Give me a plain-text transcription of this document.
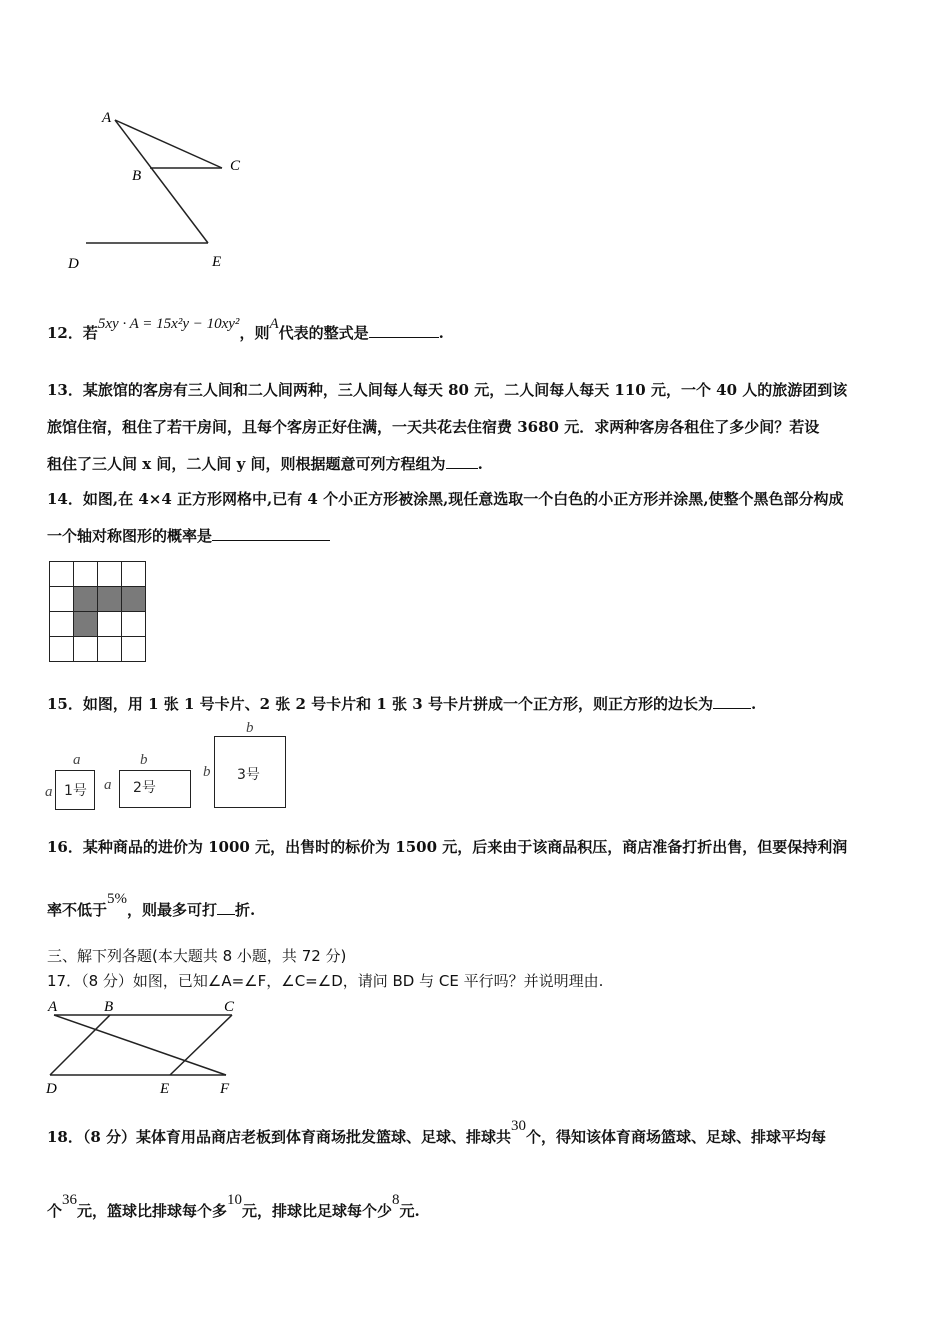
A
B
C
D	E
12．若5xy · A = 15x²y − 10xy²，则A代表的整式是	.
13．某旅馆的客房有三人间和二人间两种，三人间每人每天 80 元，二人间每人每天 110 元，一个 40 人的旅游团到该
旅馆住宿，租住了若干房间，且每个客房正好住满，一天共花去住宿费 3680 元．求两种客房各租住了多少间？若设
租住了三人间 x 间，二人间 y 间，则根据题意可列方程组为 .
14．如图,在 4×4 正方形网格中,已有 4 个小正方形被涂黑,现任意选取一个白色的小正方形并涂黑,使整个黑色部分构成
一个轴对称图形的概率是

15．如图，用 1 张 1 号卡片、2 张 2 号卡片和 1 张 3 号卡片拼成一个正方形，则正方形的边长为	.
a
a 1号
b
a 2号
b
b 3号
16．某种商品的进价为 1000 元，出售时的标价为 1500 元，后来由于该商品积压，商店准备打折出售，但要保持利润
率不低于5%，则最多可打 折.
三、解下列各题(本大题共 8 小题，共 72 分)
17．（8 分）如图，已知∠A=∠F，∠C=∠D，请问 BD 与 CE 平行吗？并说明理由.
A	B	C
D	E	F
18．（8 分）某体育用品商店老板到体育商场批发篮球、足球、排球共30个，得知该体育商场篮球、足球、排球平均每
个36元，篮球比排球每个多10元，排球比足球每个少8元.
